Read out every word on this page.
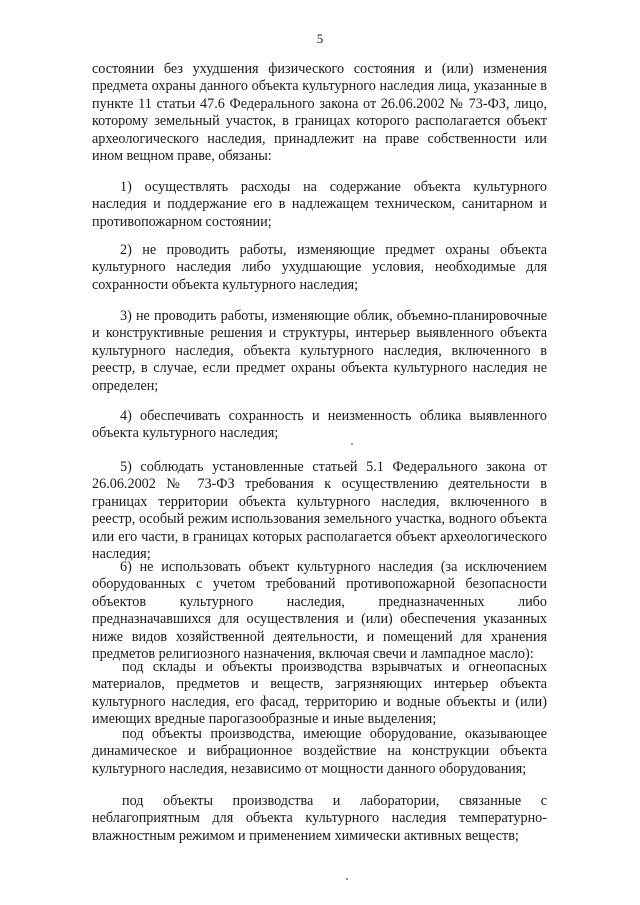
5

состоянии без ухудшения физического состояния и (или) изменения предмета охраны данного объекта культурного наследия лица, указанные в пункте 11 статьи 47.6 Федерального закона от 26.06.2002 № 73-ФЗ, лицо, которому земельный участок, в границах которого располагается объект археологического наследия, принадлежит на праве собственности или ином вещном праве, обязаны:

1) осуществлять расходы на содержание объекта культурного наследия и поддержание его в надлежащем техническом, санитарном и противопожарном состоянии;

2) не проводить работы, изменяющие предмет охраны объекта культурного наследия либо ухудшающие условия, необходимые для сохранности объекта культурного наследия;

3) не проводить работы, изменяющие облик, объемно-планировочные и конструктивные решения и структуры, интерьер выявленного объекта культурного наследия, объекта культурного наследия, включенного в реестр, в случае, если предмет охраны объекта культурного наследия не определен;

4) обеспечивать сохранность и неизменность облика выявленного объекта культурного наследия;

5) соблюдать установленные статьей 5.1 Федерального закона от 26.06.2002 № 73-ФЗ требования к осуществлению деятельности в границах территории объекта культурного наследия, включенного в реестр, особый режим использования земельного участка, водного объекта или его части, в границах которых располагается объект археологического наследия;

6) не использовать объект культурного наследия (за исключением оборудованных с учетом требований противопожарной безопасности объектов культурного наследия, предназначенных либо предназначавшихся для осуществления и (или) обеспечения указанных ниже видов хозяйственной деятельности, и помещений для хранения предметов религиозного назначения, включая свечи и лампадное масло):

под склады и объекты производства взрывчатых и огнеопасных материалов, предметов и веществ, загрязняющих интерьер объекта культурного наследия, его фасад, территорию и водные объекты и (или) имеющих вредные парогазообразные и иные выделения;

под объекты производства, имеющие оборудование, оказывающее динамическое и вибрационное воздействие на конструкции объекта культурного наследия, независимо от мощности данного оборудования;

под объекты производства и лаборатории, связанные с неблагоприятным для объекта культурного наследия температурно-влажностным режимом и применением химически активных веществ;
